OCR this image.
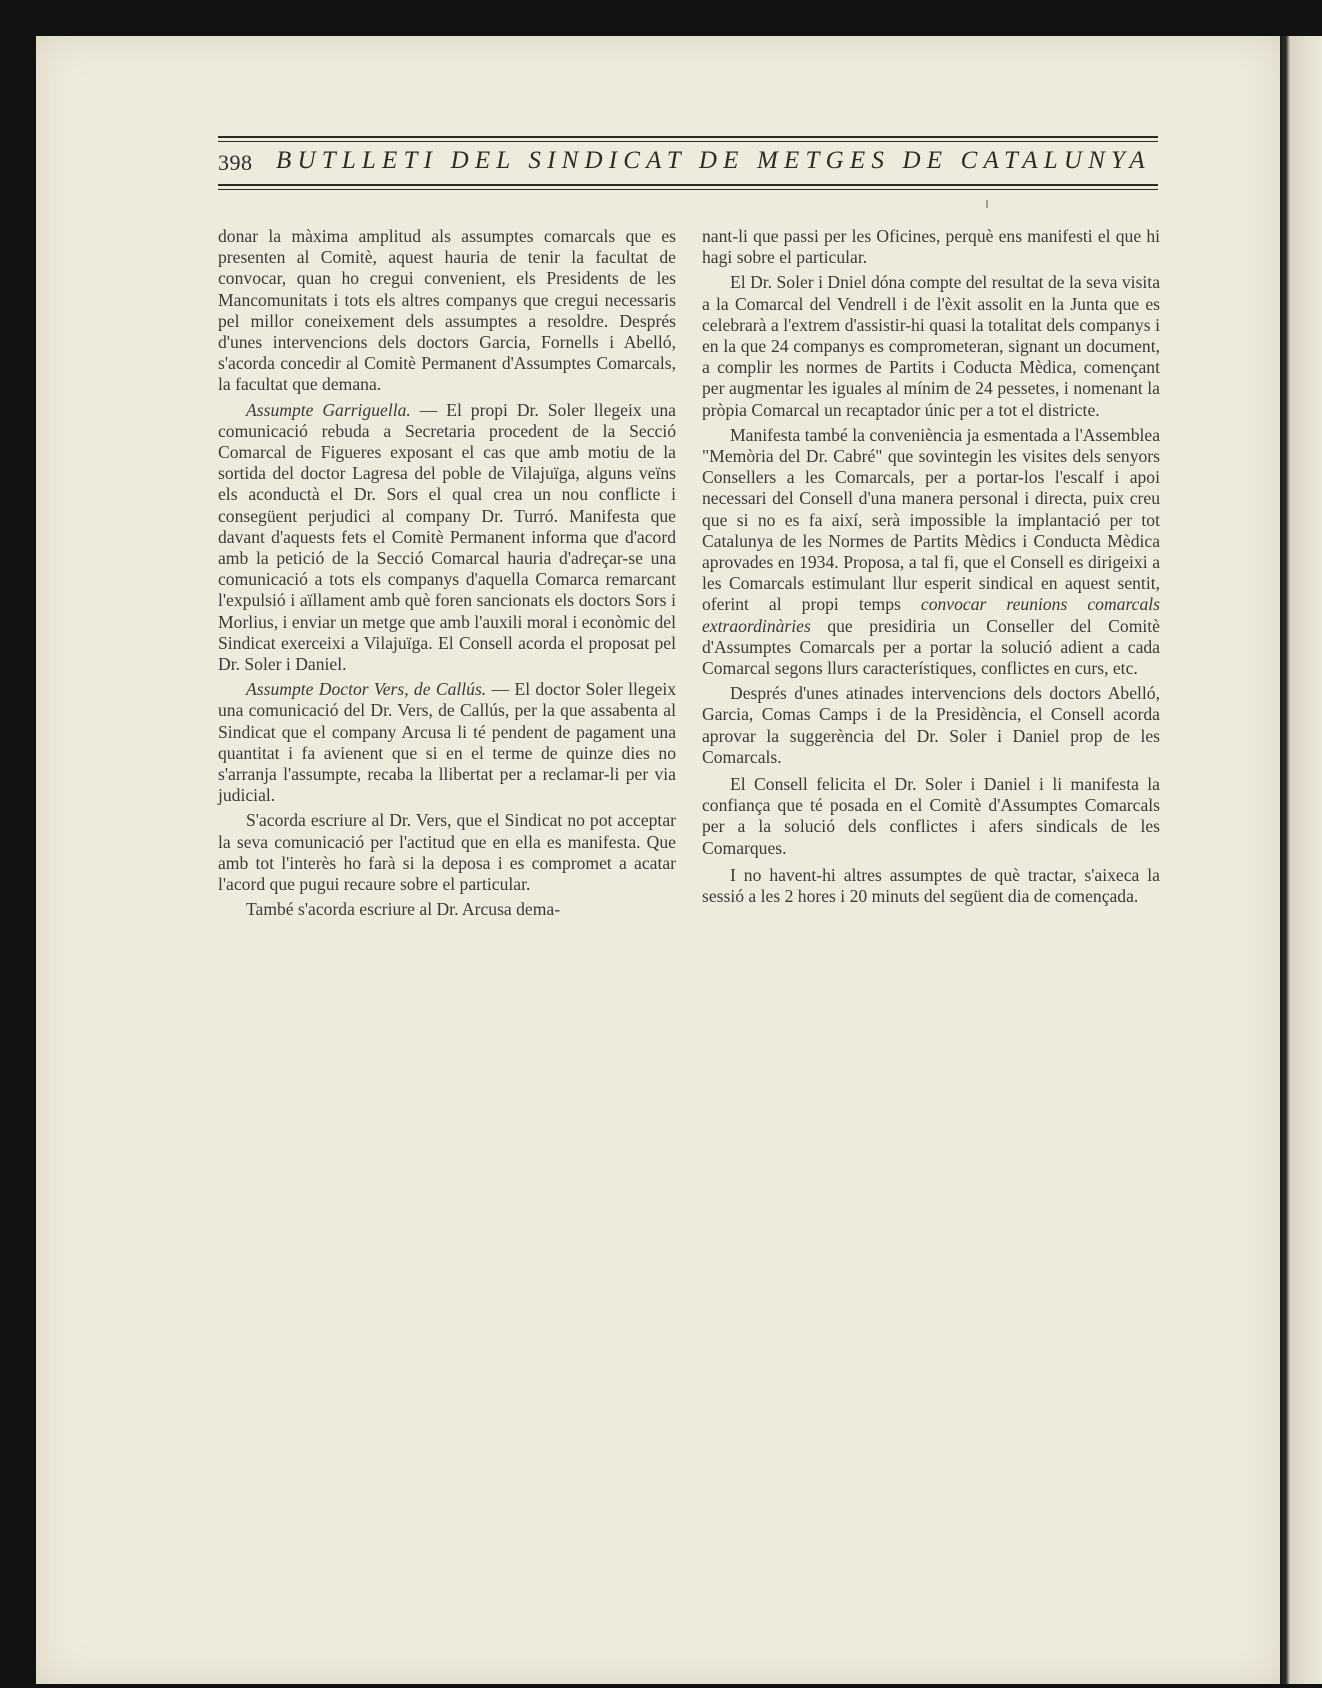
398 BUTLLETI DEL SINDICAT DE METGES DE CATALUNYA

donar la màxima amplitud als assumptes comarcals que es presenten al Comitè, aquest hauria de tenir la facultat de convocar, quan ho cregui convenient, els Presidents de les Mancomunitats i tots els altres companys que cregui necessaris pel millor coneixement dels assumptes a resoldre. Després d'unes intervencions dels doctors Garcia, Fornells i Abelló, s'acorda concedir al Comitè Permanent d'Assumptes Comarcals, la facultat que demana.

Assumpte Garriguella. — El propi Dr. Soler llegeix una comunicació rebuda a Secretaria procedent de la Secció Comarcal de Figueres exposant el cas que amb motiu de la sortida del doctor Lagresa del poble de Vilajuïga, alguns veïns els aconductà el Dr. Sors el qual crea un nou conflicte i consegüent perjudici al company Dr. Turró. Manifesta que davant d'aquests fets el Comitè Permanent informa que d'acord amb la petició de la Secció Comarcal hauria d'adreçar-se una comunicació a tots els companys d'aquella Comarca remarcant l'expulsió i aïllament amb què foren sancionats els doctors Sors i Morlius, i enviar un metge que amb l'auxili moral i econòmic del Sindicat exerceixi a Vilajuïga. El Consell acorda el proposat pel Dr. Soler i Daniel.

Assumpte Doctor Vers, de Callús. — El doctor Soler llegeix una comunicació del Dr. Vers, de Callús, per la que assabenta al Sindicat que el company Arcusa li té pendent de pagament una quantitat i fa avienent que si en el terme de quinze dies no s'arranja l'assumpte, recaba la llibertat per a reclamar-li per via judicial.

S'acorda escriure al Dr. Vers, que el Sindicat no pot acceptar la seva comunicació per l'actitud que en ella es manifesta. Que amb tot l'interès ho farà si la deposa i es compromet a acatar l'acord que pugui recaure sobre el particular.

També s'acorda escriure al Dr. Arcusa dema-

nant-li que passi per les Oficines, perquè ens manifesti el que hi hagi sobre el particular.

El Dr. Soler i Dniel dóna compte del resultat de la seva visita a la Comarcal del Vendrell i de l'èxit assolit en la Junta que es celebrarà a l'extrem d'assistir-hi quasi la totalitat dels companys i en la que 24 companys es comprometeran, signant un document, a complir les normes de Partits i Coducta Mèdica, començant per augmentar les iguales al mínim de 24 pessetes, i nomenant la pròpia Comarcal un recaptador únic per a tot el districte.

Manifesta també la conveniència ja esmentada a l'Assemblea "Memòria del Dr. Cabré" que sovintegin les visites dels senyors Consellers a les Comarcals, per a portar-los l'escalf i apoi necessari del Consell d'una manera personal i directa, puix creu que si no es fa així, serà impossible la implantació per tot Catalunya de les Normes de Partits Mèdics i Conducta Mèdica aprovades en 1934. Proposa, a tal fi, que el Consell es dirigeixi a les Comarcals estimulant llur esperit sindical en aquest sentit, oferint al propi temps convocar reunions comarcals extraordinàries que presidiria un Conseller del Comitè d'Assumptes Comarcals per a portar la solució adient a cada Comarcal segons llurs característiques, conflictes en curs, etc.

Després d'unes atinades intervencions dels doctors Abelló, Garcia, Comas Camps i de la Presidència, el Consell acorda aprovar la suggerència del Dr. Soler i Daniel prop de les Comarcals.

El Consell felicita el Dr. Soler i Daniel i li manifesta la confiança que té posada en el Comitè d'Assumptes Comarcals per a la solució dels conflictes i afers sindicals de les Comarques.

I no havent-hi altres assumptes de què tractar, s'aixeca la sessió a les 2 hores i 20 minuts del següent dia de començada.
